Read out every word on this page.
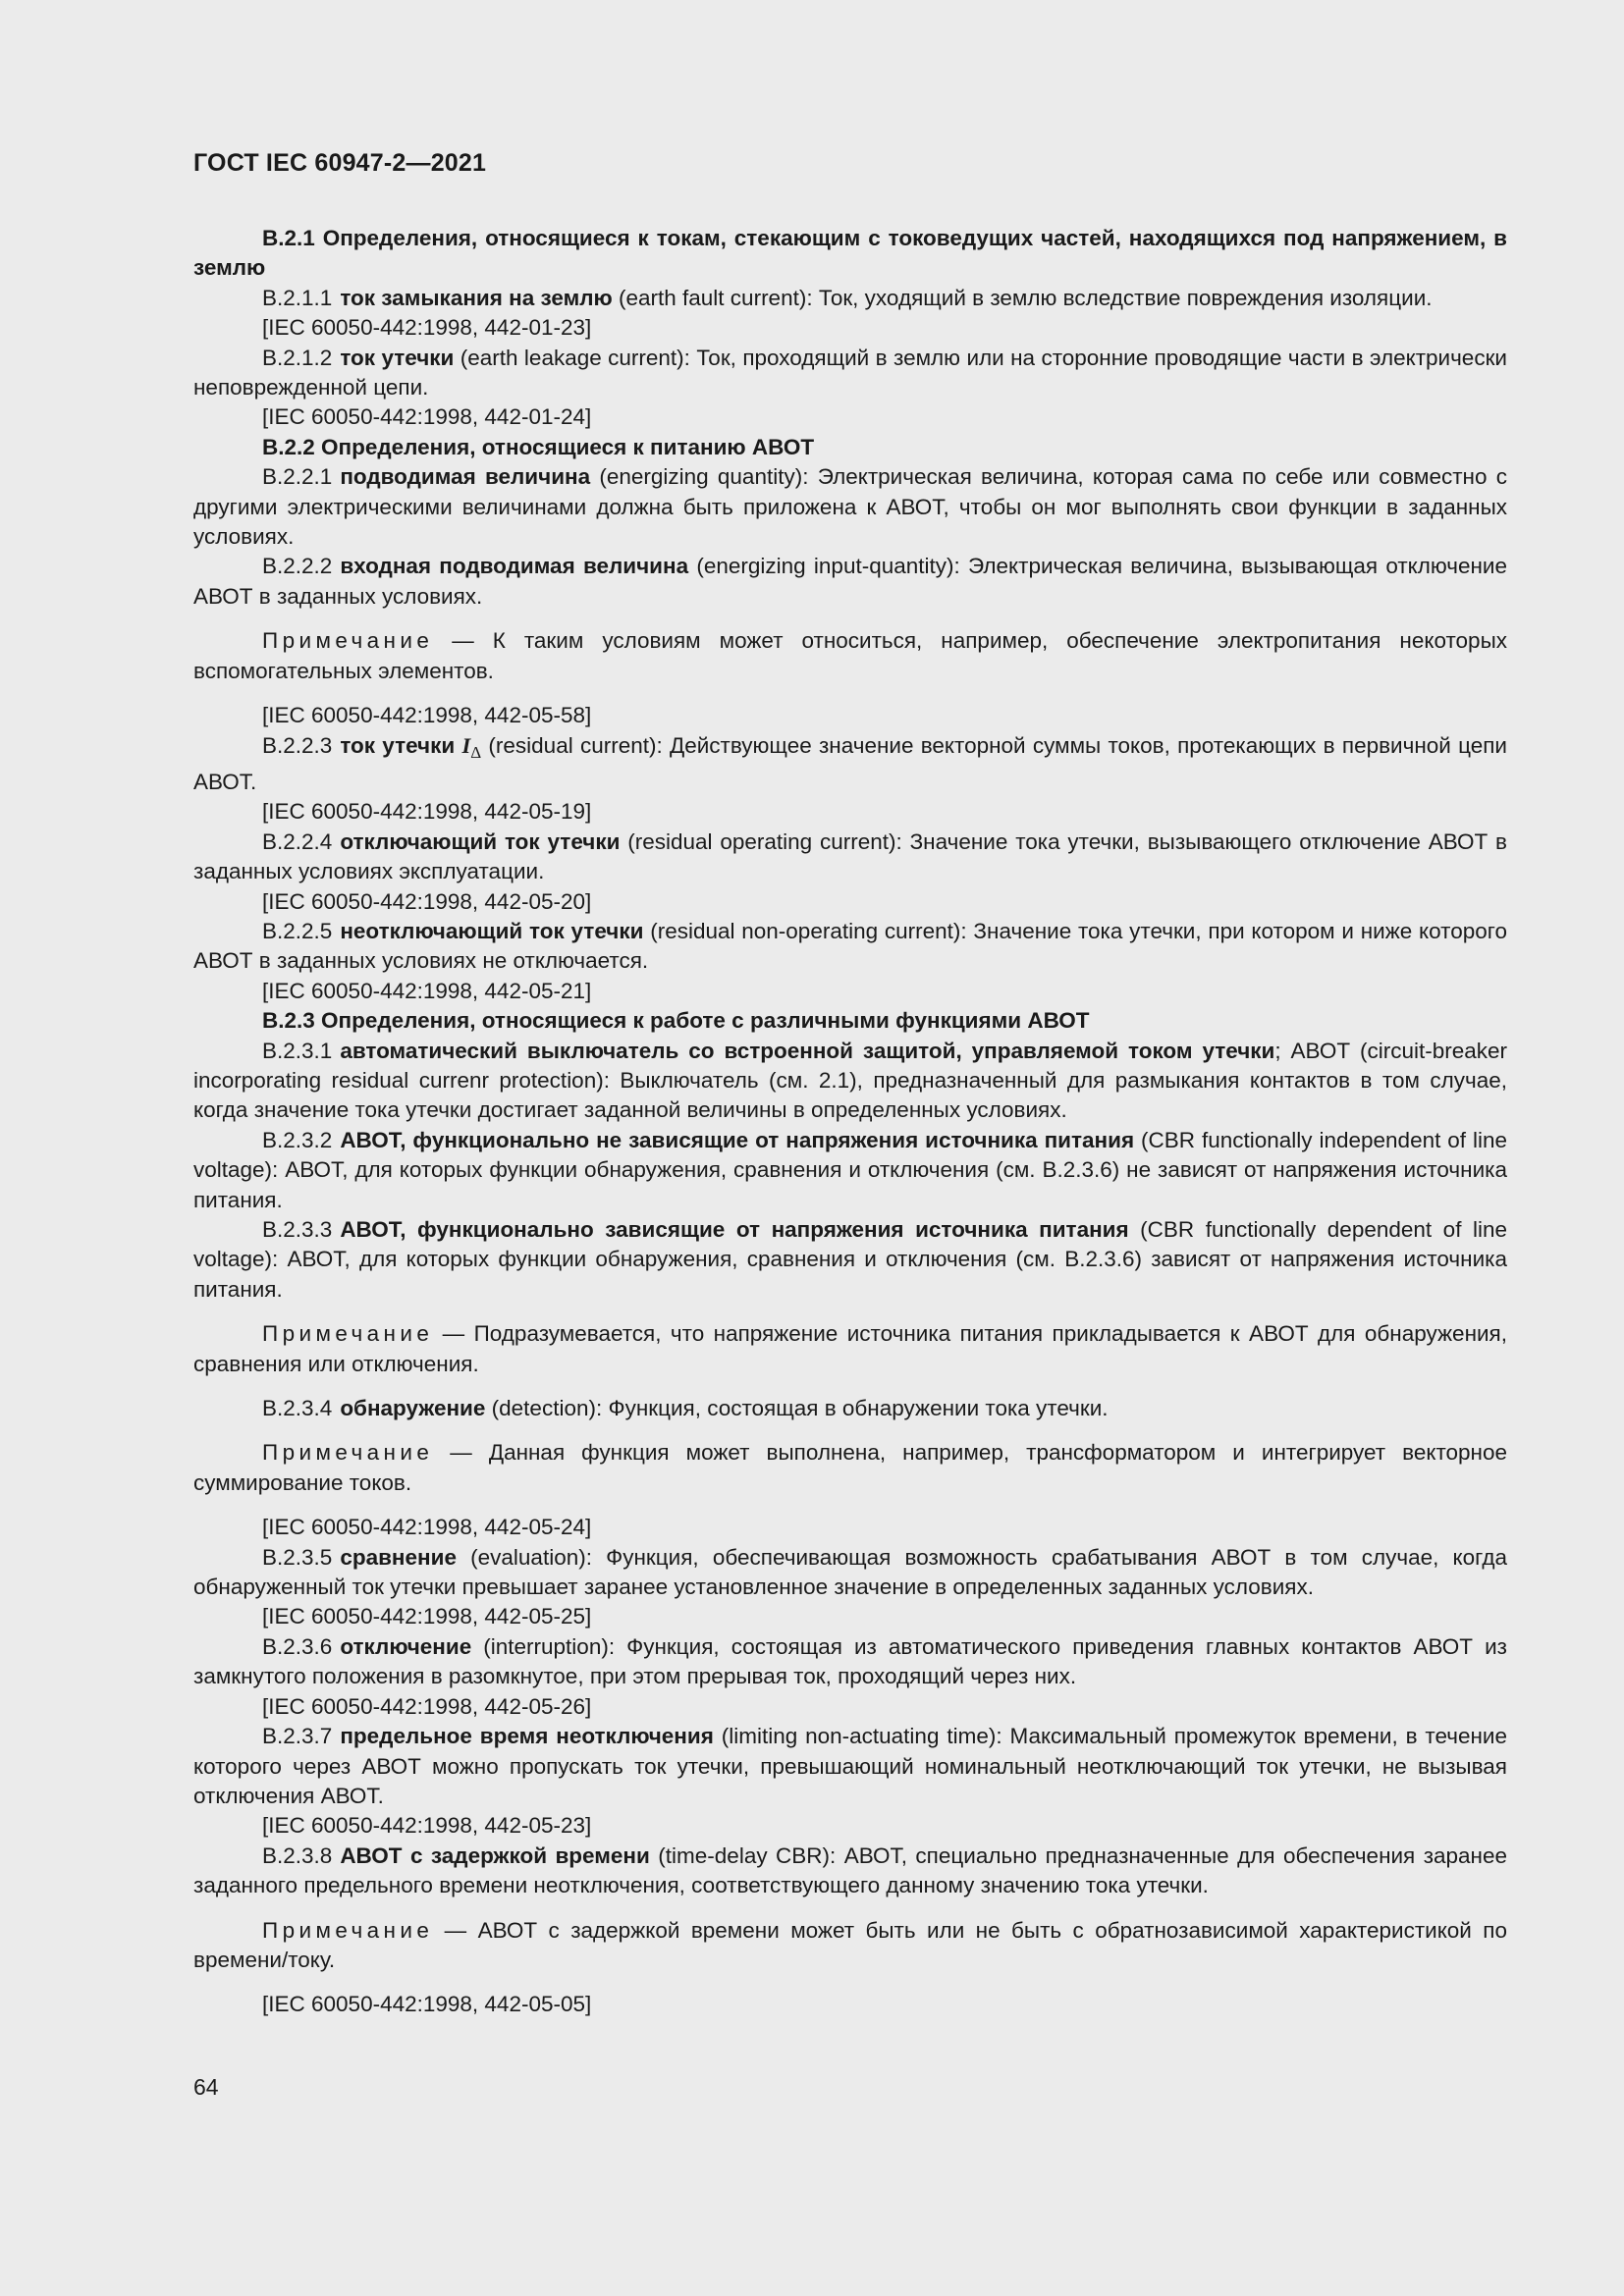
ГОСТ IEC 60947-2—2021

В.2.1 Определения, относящиеся к токам, стекающим с токоведущих частей, находящихся под напряжением, в землю

В.2.1.1 ток замыкания на землю (earth fault current): Ток, уходящий в землю вследствие повреждения изоляции.

[IEC 60050-442:1998, 442-01-23]

В.2.1.2 ток утечки (earth leakage current): Ток, проходящий в землю или на сторонние проводящие части в электрически неповрежденной цепи.

[IEC 60050-442:1998, 442-01-24]

В.2.2 Определения, относящиеся к питанию АВОТ

В.2.2.1 подводимая величина (energizing quantity): Электрическая величина, которая сама по себе или совместно с другими электрическими величинами должна быть приложена к АВОТ, чтобы он мог выполнять свои функции в заданных условиях.

В.2.2.2 входная подводимая величина (energizing input-quantity): Электрическая величина, вызывающая отключение АВОТ в заданных условиях.

Примечание — К таким условиям может относиться, например, обеспечение электропитания некоторых вспомогательных элементов.

[IEC 60050-442:1998, 442-05-58]

В.2.2.3 ток утечки $I_\Delta$ (residual current): Действующее значение векторной суммы токов, протекающих в первичной цепи АВОТ.

[IEC 60050-442:1998, 442-05-19]

В.2.2.4 отключающий ток утечки (residual operating current): Значение тока утечки, вызывающего отключение АВОТ в заданных условиях эксплуатации.

[IEC 60050-442:1998, 442-05-20]

В.2.2.5 неотключающий ток утечки (residual non-operating current): Значение тока утечки, при котором и ниже которого АВОТ в заданных условиях не отключается.

[IEC 60050-442:1998, 442-05-21]

В.2.3 Определения, относящиеся к работе с различными функциями АВОТ

В.2.3.1 автоматический выключатель со встроенной защитой, управляемой током утечки; АВОТ (circuit-breaker incorporating residual currenr protection): Выключатель (см. 2.1), предназначенный для размыкания контактов в том случае, когда значение тока утечки достигает заданной величины в определенных условиях.

В.2.3.2 АВОТ, функционально не зависящие от напряжения источника питания (CBR functionally independent of line voltage): АВОТ, для которых функции обнаружения, сравнения и отключения (см. В.2.3.6) не зависят от напряжения источника питания.

В.2.3.3 АВОТ, функционально зависящие от напряжения источника питания (CBR functionally dependent of line voltage): АВОТ, для которых функции обнаружения, сравнения и отключения (см. В.2.3.6) зависят от напряжения источника питания.

Примечание — Подразумевается, что напряжение источника питания прикладывается к АВОТ для обнаружения, сравнения или отключения.

В.2.3.4 обнаружение (detection): Функция, состоящая в обнаружении тока утечки.

Примечание — Данная функция может выполнена, например, трансформатором и интегрирует векторное суммирование токов.

[IEC 60050-442:1998, 442-05-24]

В.2.3.5 сравнение (evaluation): Функция, обеспечивающая возможность срабатывания АВОТ в том случае, когда обнаруженный ток утечки превышает заранее установленное значение в определенных заданных условиях.

[IEC 60050-442:1998, 442-05-25]

В.2.3.6 отключение (interruption): Функция, состоящая из автоматического приведения главных контактов АВОТ из замкнутого положения в разомкнутое, при этом прерывая ток, проходящий через них.

[IEC 60050-442:1998, 442-05-26]

В.2.3.7 предельное время неотключения (limiting non-actuating time): Максимальный промежуток времени, в течение которого через АВОТ можно пропускать ток утечки, превышающий номинальный неотключающий ток утечки, не вызывая отключения АВОТ.

[IEC 60050-442:1998, 442-05-23]

В.2.3.8 АВОТ с задержкой времени (time-delay CBR): АВОТ, специально предназначенные для обеспечения заранее заданного предельного времени неотключения, соответствующего данному значению тока утечки.

Примечание — АВОТ с задержкой времени может быть или не быть с обратнозависимой характеристикой по времени/току.

[IEC 60050-442:1998, 442-05-05]

64
